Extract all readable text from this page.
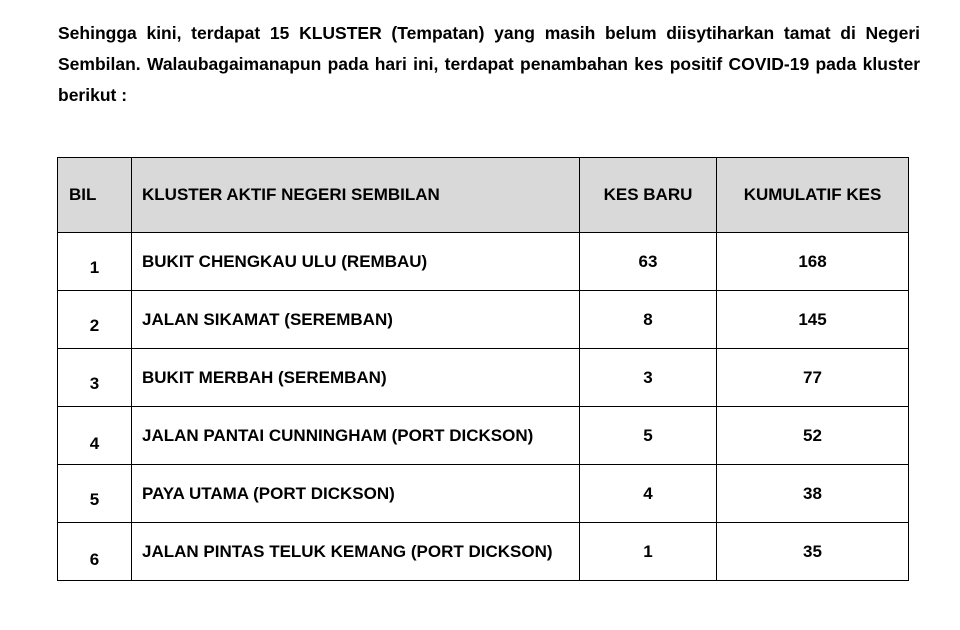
Sehingga kini, terdapat 15 KLUSTER (Tempatan) yang masih belum diisytiharkan tamat di Negeri Sembilan. Walaubagaimanapun pada hari ini, terdapat penambahan kes positif COVID-19 pada kluster berikut :

BIL	KLUSTER AKTIF NEGERI SEMBILAN	KES BARU	KUMULATIF KES
1	BUKIT CHENGKAU ULU (REMBAU)	63	168
2	JALAN SIKAMAT (SEREMBAN)	8	145
3	BUKIT MERBAH (SEREMBAN)	3	77
4	JALAN PANTAI CUNNINGHAM (PORT DICKSON)	5	52
5	PAYA UTAMA (PORT DICKSON)	4	38
6	JALAN PINTAS TELUK KEMANG (PORT DICKSON)	1	35
